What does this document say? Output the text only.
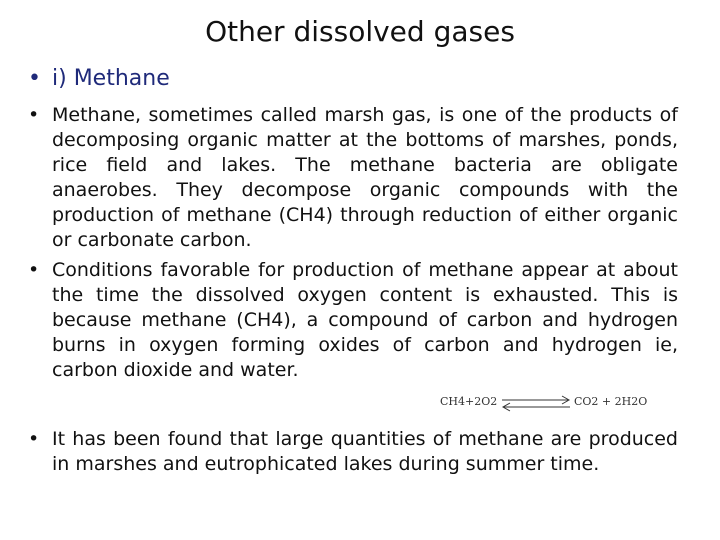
Other dissolved gases
• i) Methane
• Methane, sometimes called marsh gas, is one of the products of decomposing organic matter at the bottoms of marshes, ponds, rice field and lakes. The methane bacteria are obligate anaerobes. They decompose organic compounds with the production of methane (CH4) through reduction of either organic or carbonate carbon.
• Conditions favorable for production of methane appear at about the time the dissolved oxygen content is exhausted. This is because methane (CH4), a compound of carbon and hydrogen burns in oxygen forming oxides of carbon and hydrogen ie, carbon dioxide and water.
CH4+2O2	CO2 + 2H2O
• It has been found that large quantities of methane are produced in marshes and eutrophicated lakes during summer time.
